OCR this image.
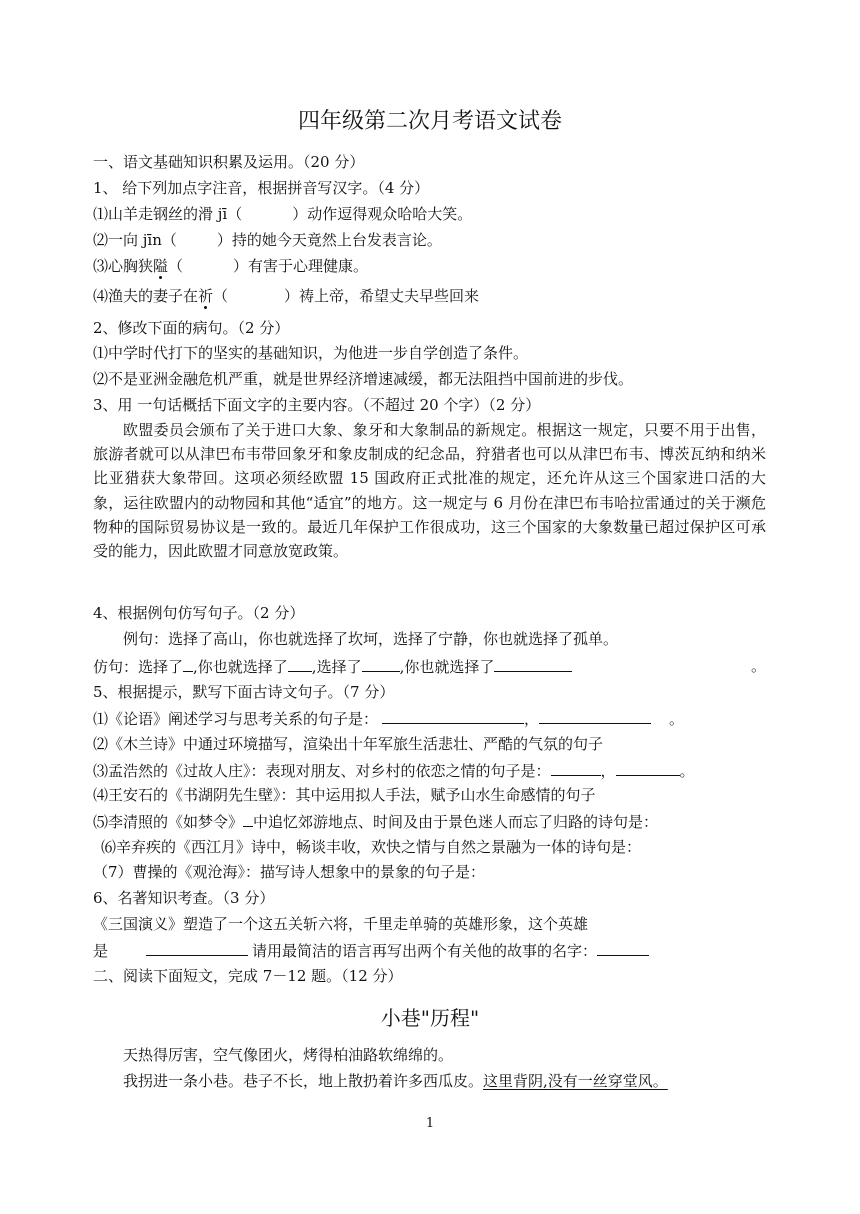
四年级第二次月考语文试卷
一、语文基础知识积累及运用。（20 分）
1、 给下列加点字注音，根据拼音写汉字。（4 分）
⑴山羊走钢丝的滑 jī（	）动作逗得观众哈哈大笑。
⑵一向 jīn（	）持的她今天竟然上台发表言论。
⑶心胸狭隘（	）有害于心理健康。
⑷渔夫的妻子在祈（	）祷上帝，希望丈夫早些回来
2、修改下面的病句。（2 分）
⑴中学时代打下的坚实的基础知识，为他进一步自学创造了条件。
⑵不是亚洲金融危机严重，就是世界经济增速减缓，都无法阻挡中国前进的步伐。
3、用 一句话概括下面文字的主要内容。（不超过 20 个字）（2 分）
欧盟委员会颁布了关于进口大象、象牙和大象制品的新规定。根据这一规定，只要不用于出售，旅游者就可以从津巴布韦带回象牙和象皮制成的纪念品，狩猎者也可以从津巴布韦、博茨瓦纳和纳米比亚猎获大象带回。这项必须经欧盟 15 国政府正式批准的规定，还允许从这三个国家进口活的大象，运往欧盟内的动物园和其他“适宜”的地方。这一规定与 6 月份在津巴布韦哈拉雷通过的关于濒危物种的国际贸易协议是一致的。最近几年保护工作很成功，这三个国家的大象数量已超过保护区可承受的能力，因此欧盟才同意放宽政策。
4、根据例句仿写句子。（2 分）
例句：选择了高山，你也就选择了坎坷，选择了宁静，你也就选择了孤单。
仿句：选择了 ,你也就选择了 ,选择了	,你也就选择了	。
5、根据提示，默写下面古诗文句子。（7 分）
⑴《论语》阐述学习与思考关系的句子是：	，	。
⑵《木兰诗》中通过环境描写，渲染出十年军旅生活悲壮、严酷的气氛的句子
⑶孟浩然的《过故人庄》：表现对朋友、对乡村的依恋之情的句子是：	，	。
⑷王安石的《书湖阴先生壁》：其中运用拟人手法，赋予山水生命感情的句子
⑸李清照的《如梦令》 中追忆郊游地点、时间及由于景色迷人而忘了归路的诗句是：
⑹辛弃疾的《西江月》诗中，畅谈丰收，欢快之情与自然之景融为一体的诗句是：
（7）曹操的《观沧海》：描写诗人想象中的景象的句子是：
6、名著知识考查。（3 分）
《三国演义》塑造了一个这五关斩六将，千里走单骑的英雄形象，这个英雄
是	请用最简洁的语言再写出两个有关他的故事的名字：
二、阅读下面短文，完成 7－12 题。（12 分）
小巷"历程"
天热得厉害，空气像团火，烤得柏油路软绵绵的。
我拐进一条小巷。巷子不长，地上散扔着许多西瓜皮。这里背阴,没有一丝穿堂风。
1
